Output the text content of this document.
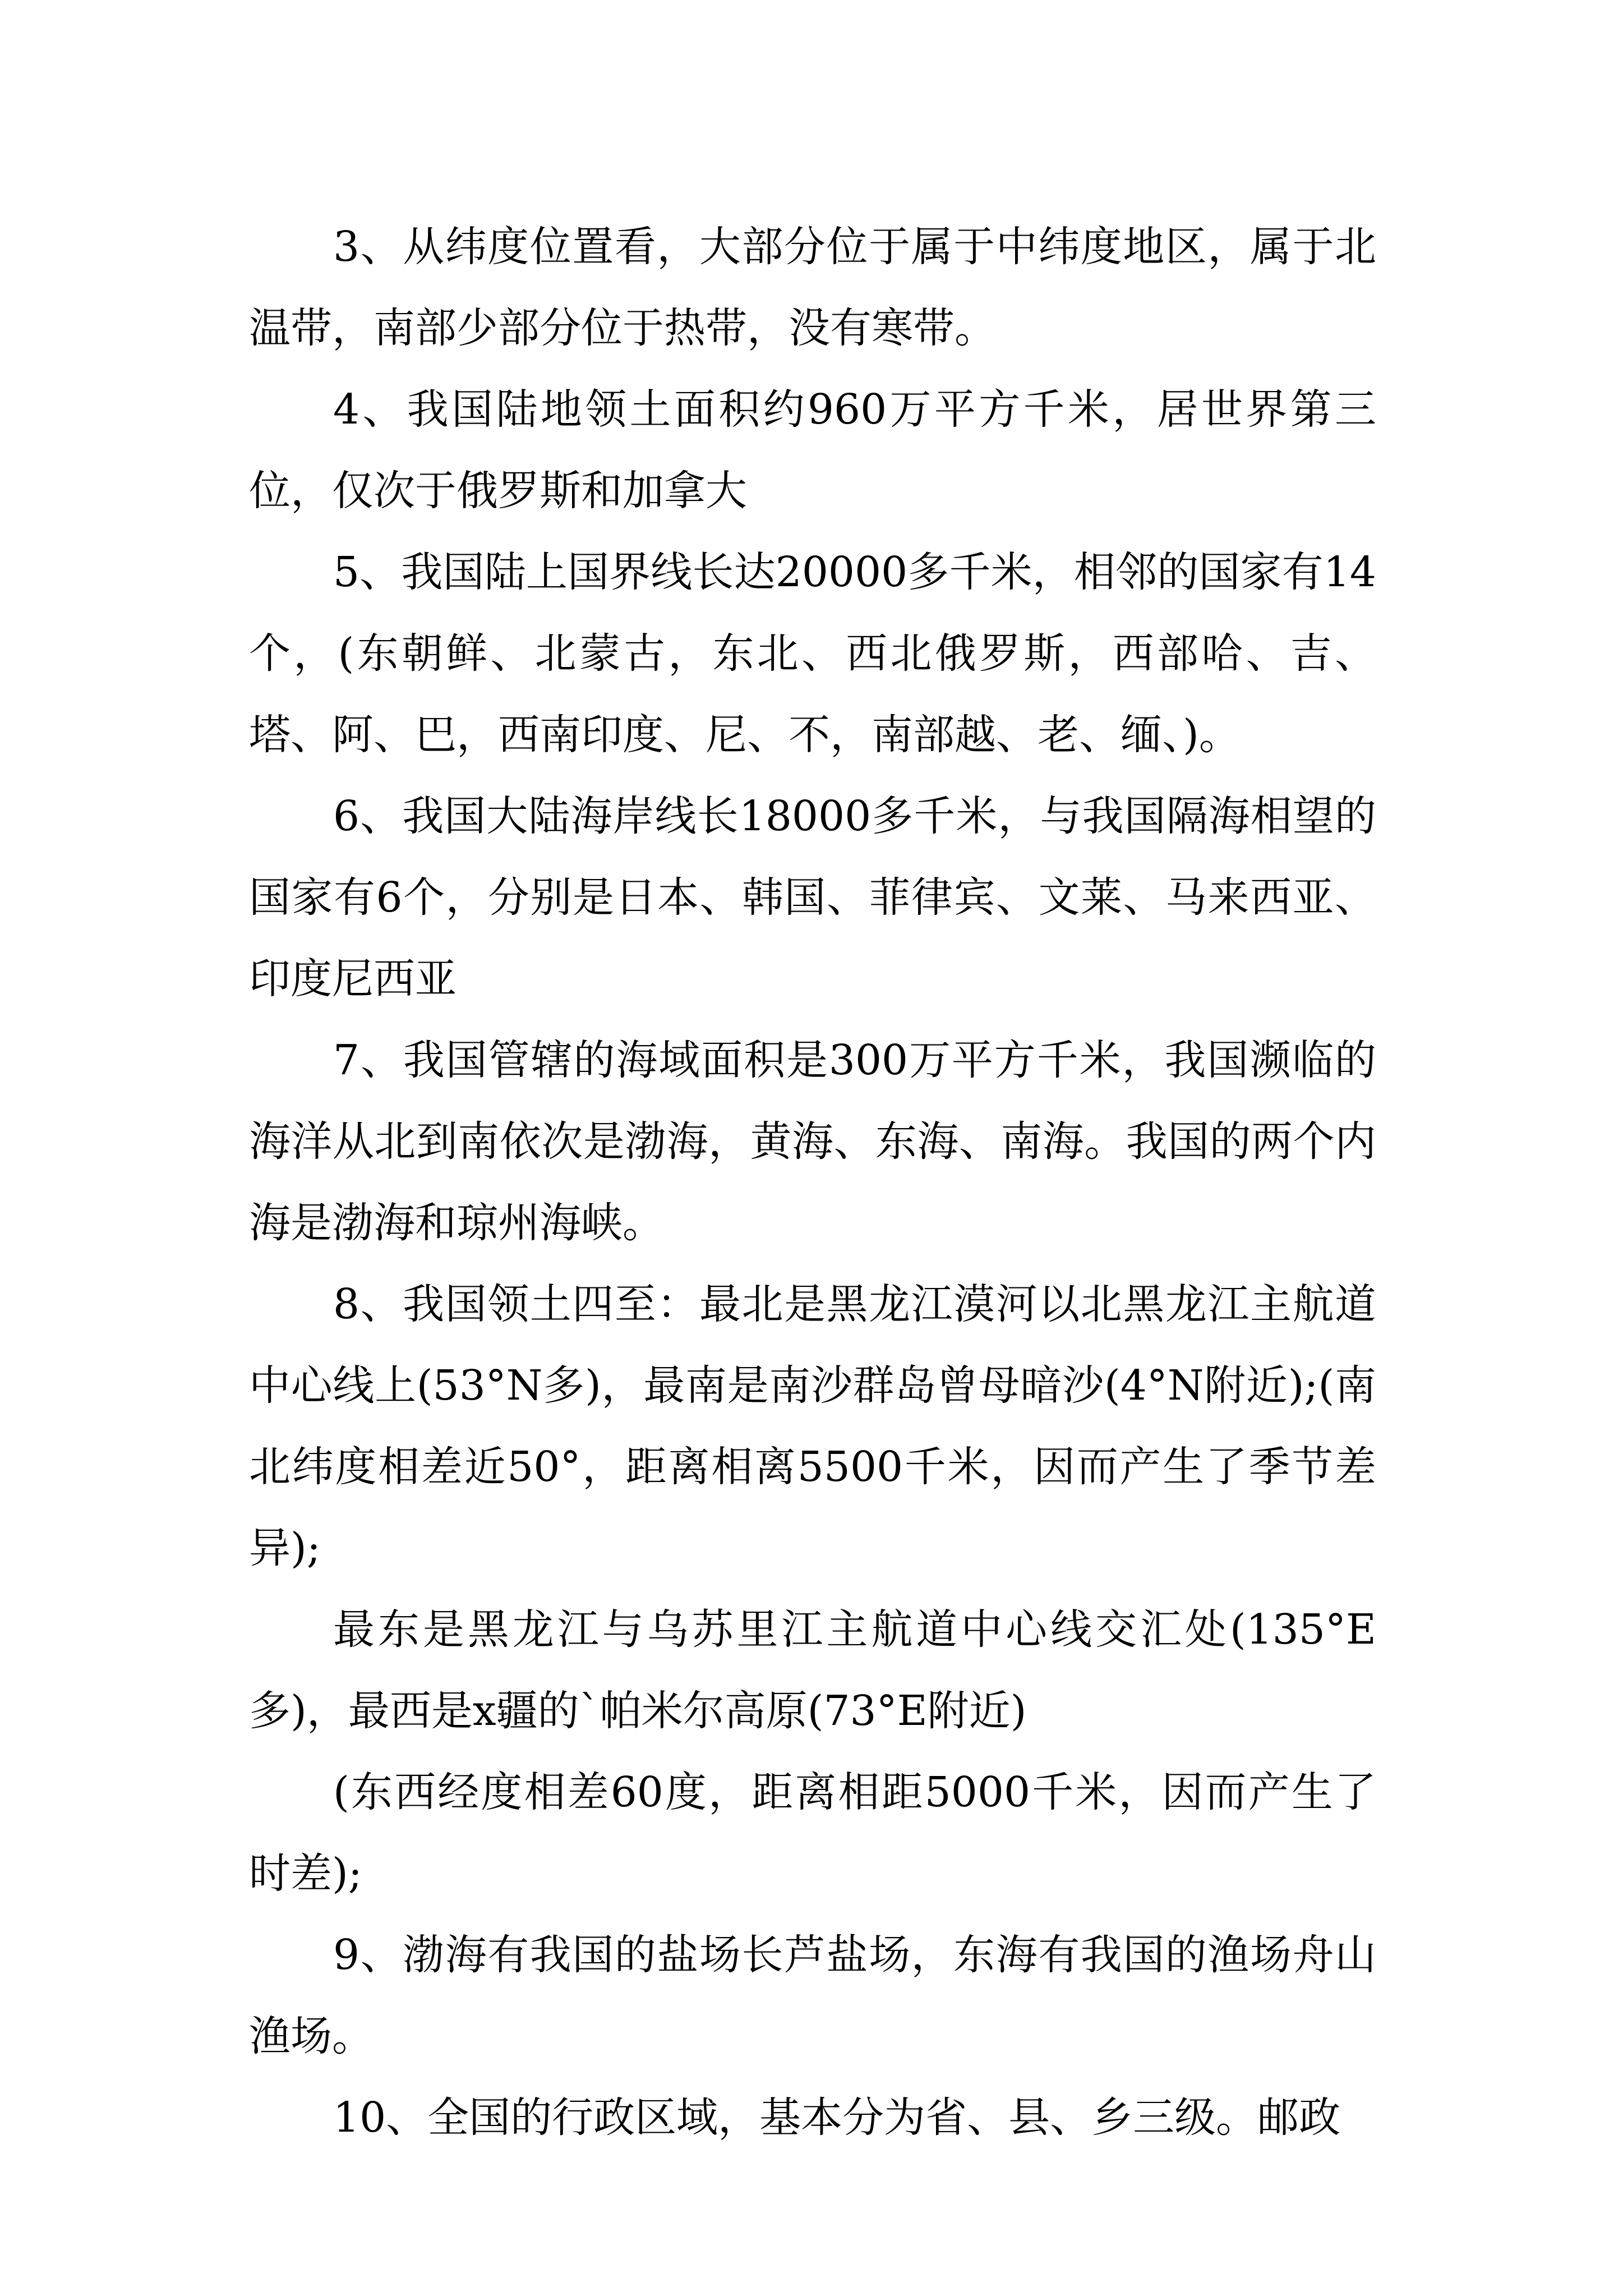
3、从纬度位置看，大部分位于属于中纬度地区，属于北温带，南部少部分位于热带，没有寒带。

4、我国陆地领土面积约960万平方千米，居世界第三位，仅次于俄罗斯和加拿大

5、我国陆上国界线长达20000多千米，相邻的国家有14个，(东朝鲜、北蒙古，东北、西北俄罗斯，西部哈、吉、塔、阿、巴，西南印度、尼、不，南部越、老、缅、)。

6、我国大陆海岸线长18000多千米，与我国隔海相望的国家有6个，分别是日本、韩国、菲律宾、文莱、马来西亚、印度尼西亚

7、我国管辖的海域面积是300万平方千米，我国濒临的海洋从北到南依次是渤海，黄海、东海、南海。我国的两个内海是渤海和琼州海峡。

8、我国领土四至：最北是黑龙江漠河以北黑龙江主航道中心线上(53°N多)，最南是南沙群岛曾母暗沙(4°N附近);(南北纬度相差近50°，距离相离5500千米，因而产生了季节差异);

最东是黑龙江与乌苏里江主航道中心线交汇处(135°E多)，最西是x疆的`帕米尔高原(73°E附近)

(东西经度相差60度，距离相距5000千米，因而产生了时差);

9、渤海有我国的盐场长芦盐场，东海有我国的渔场舟山渔场。

10、全国的行政区域，基本分为省、县、乡三级。邮政
